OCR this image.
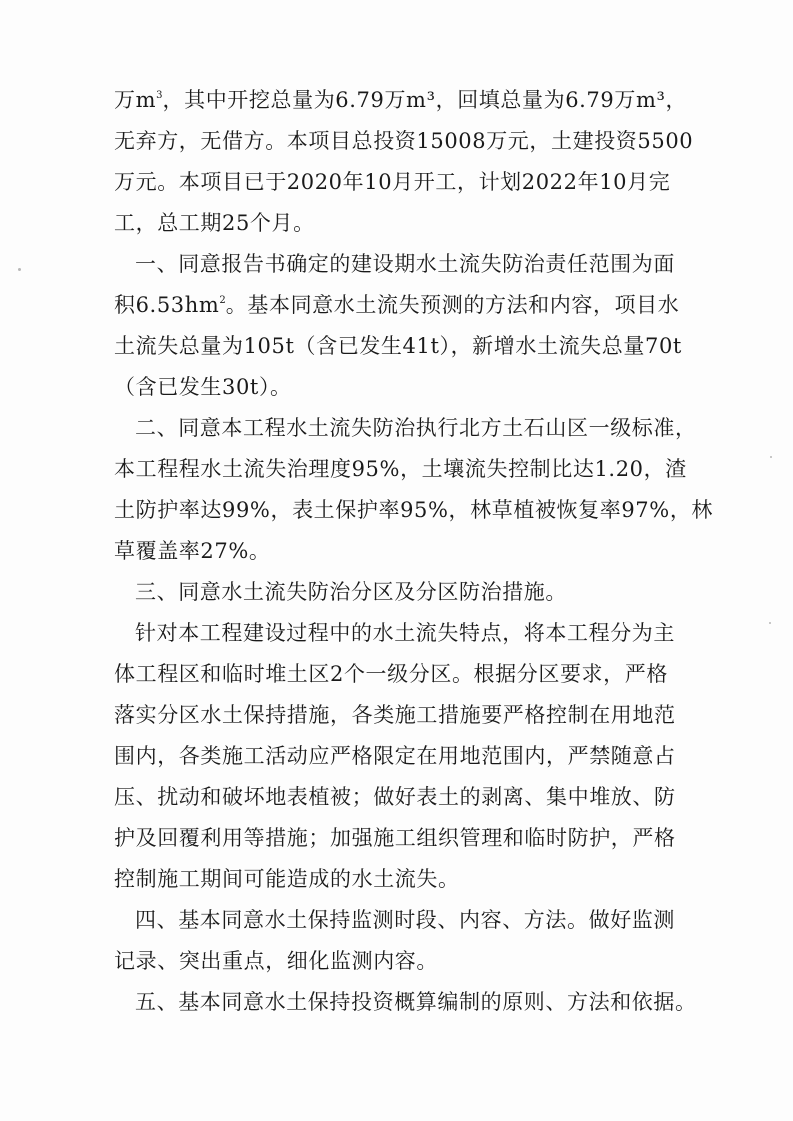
万$m^3$，其中开挖总量为6.79万m³，回填总量为6.79万m³，

无弃方，无借方。本项目总投资15008万元，土建投资5500

万元。本项目已于2020年10月开工，计划2022年10月完

工，总工期25个月。

一、同意报告书确定的建设期水土流失防治责任范围为面

积$6.53hm^2$。基本同意水土流失预测的方法和内容，项目水

土流失总量为105t（含已发生41t），新增水土流失总量70t

（含已发生30t）。

二、同意本工程水土流失防治执行北方土石山区一级标准，

本工程程水土流失治理度95%，土壤流失控制比达1.20，渣

土防护率达99%，表土保护率95%，林草植被恢复率97%，林

草覆盖率27%。

三、同意水土流失防治分区及分区防治措施。

针对本工程建设过程中的水土流失特点，将本工程分为主

体工程区和临时堆土区2个一级分区。根据分区要求，严格

落实分区水土保持措施，各类施工措施要严格控制在用地范

围内，各类施工活动应严格限定在用地范围内，严禁随意占

压、扰动和破坏地表植被；做好表土的剥离、集中堆放、防

护及回覆利用等措施；加强施工组织管理和临时防护，严格

控制施工期间可能造成的水土流失。

四、基本同意水土保持监测时段、内容、方法。做好监测

记录、突出重点，细化监测内容。

五、基本同意水土保持投资概算编制的原则、方法和依据。
